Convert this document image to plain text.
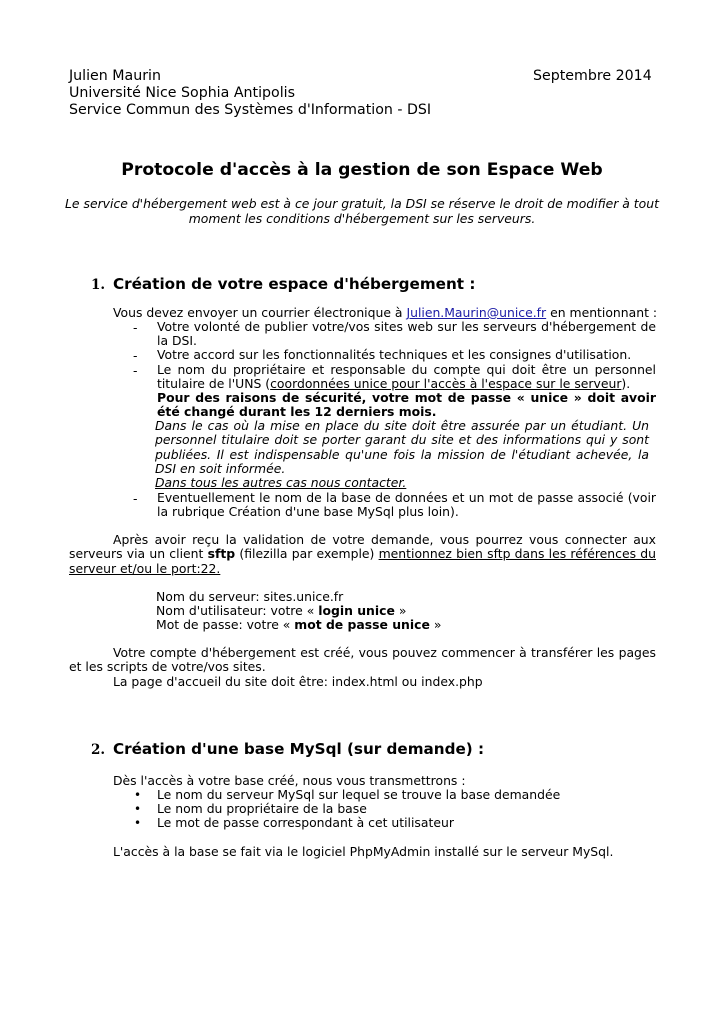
Julien Maurin	Septembre 2014
Université Nice Sophia Antipolis
Service Commun des Systèmes d'Information - DSI
Protocole d'accès à la gestion de son Espace Web
Le service d'hébergement web est à ce jour gratuit, la DSI se réserve le droit de modifier à tout moment les conditions d'hébergement sur les serveurs.
1. Création de votre espace d'hébergement :
Vous devez envoyer un courrier électronique à Julien.Maurin@unice.fr en mentionnant :
- Votre volonté de publier votre/vos sites web sur les serveurs d'hébergement de la DSI.
- Votre accord sur les fonctionnalités techniques et les consignes d'utilisation.
- Le nom du propriétaire et responsable du compte qui doit être un personnel titulaire de l'UNS (coordonnées unice pour l'accès à l'espace sur le serveur).
Pour des raisons de sécurité, votre mot de passe « unice » doit avoir été changé durant les 12 derniers mois.
Dans le cas où la mise en place du site doit être assurée par un étudiant. Un personnel titulaire doit se porter garant du site et des informations qui y sont publiées. Il est indispensable qu'une fois la mission de l'étudiant achevée, la DSI en soit informée.
Dans tous les autres cas nous contacter.
- Eventuellement le nom de la base de données et un mot de passe associé (voir la rubrique Création d'une base MySql plus loin).
Après avoir reçu la validation de votre demande, vous pourrez vous connecter aux serveurs via un client sftp (filezilla par exemple) mentionnez bien sftp dans les références du serveur et/ou le port:22.
Nom du serveur: sites.unice.fr
Nom d'utilisateur: votre « login unice »
Mot de passe: votre « mot de passe unice »
Votre compte d'hébergement est créé, vous pouvez commencer à transférer les pages et les scripts de votre/vos sites.
La page d'accueil du site doit être: index.html ou index.php
2. Création d'une base MySql (sur demande) :
Dès l'accès à votre base créé, nous vous transmettrons :
• Le nom du serveur MySql sur lequel se trouve la base demandée
• Le nom du propriétaire de la base
• Le mot de passe correspondant à cet utilisateur
L'accès à la base se fait via le logiciel PhpMyAdmin installé sur le serveur MySql.
